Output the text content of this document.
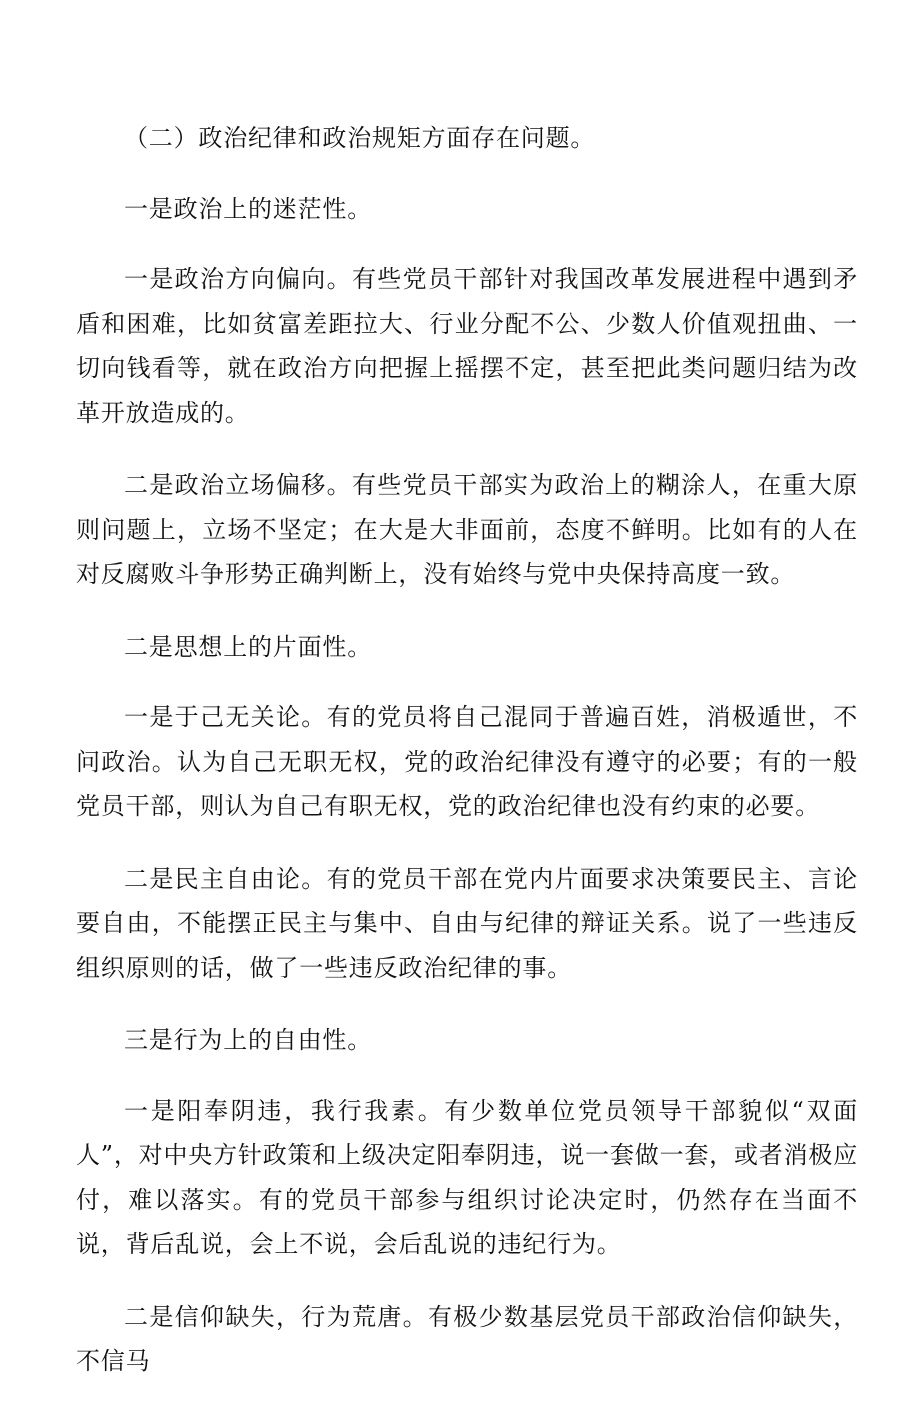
（二）政治纪律和政治规矩方面存在问题。

一是政治上的迷茫性。

一是政治方向偏向。有些党员干部针对我国改革发展进程中遇到矛盾和困难，比如贫富差距拉大、行业分配不公、少数人价值观扭曲、一切向钱看等，就在政治方向把握上摇摆不定，甚至把此类问题归结为改革开放造成的。

二是政治立场偏移。有些党员干部实为政治上的糊涂人，在重大原则问题上，立场不坚定；在大是大非面前，态度不鲜明。比如有的人在对反腐败斗争形势正确判断上，没有始终与党中央保持高度一致。

二是思想上的片面性。

一是于己无关论。有的党员将自己混同于普遍百姓，消极遁世，不问政治。认为自己无职无权，党的政治纪律没有遵守的必要；有的一般党员干部，则认为自己有职无权，党的政治纪律也没有约束的必要。

二是民主自由论。有的党员干部在党内片面要求决策要民主、言论要自由，不能摆正民主与集中、自由与纪律的辩证关系。说了一些违反组织原则的话，做了一些违反政治纪律的事。

三是行为上的自由性。

一是阳奉阴违，我行我素。有少数单位党员领导干部貌似“双面人”，对中央方针政策和上级决定阳奉阴违，说一套做一套，或者消极应付，难以落实。有的党员干部参与组织讨论决定时，仍然存在当面不说，背后乱说，会上不说，会后乱说的违纪行为。

二是信仰缺失，行为荒唐。有极少数基层党员干部政治信仰缺失，不信马
